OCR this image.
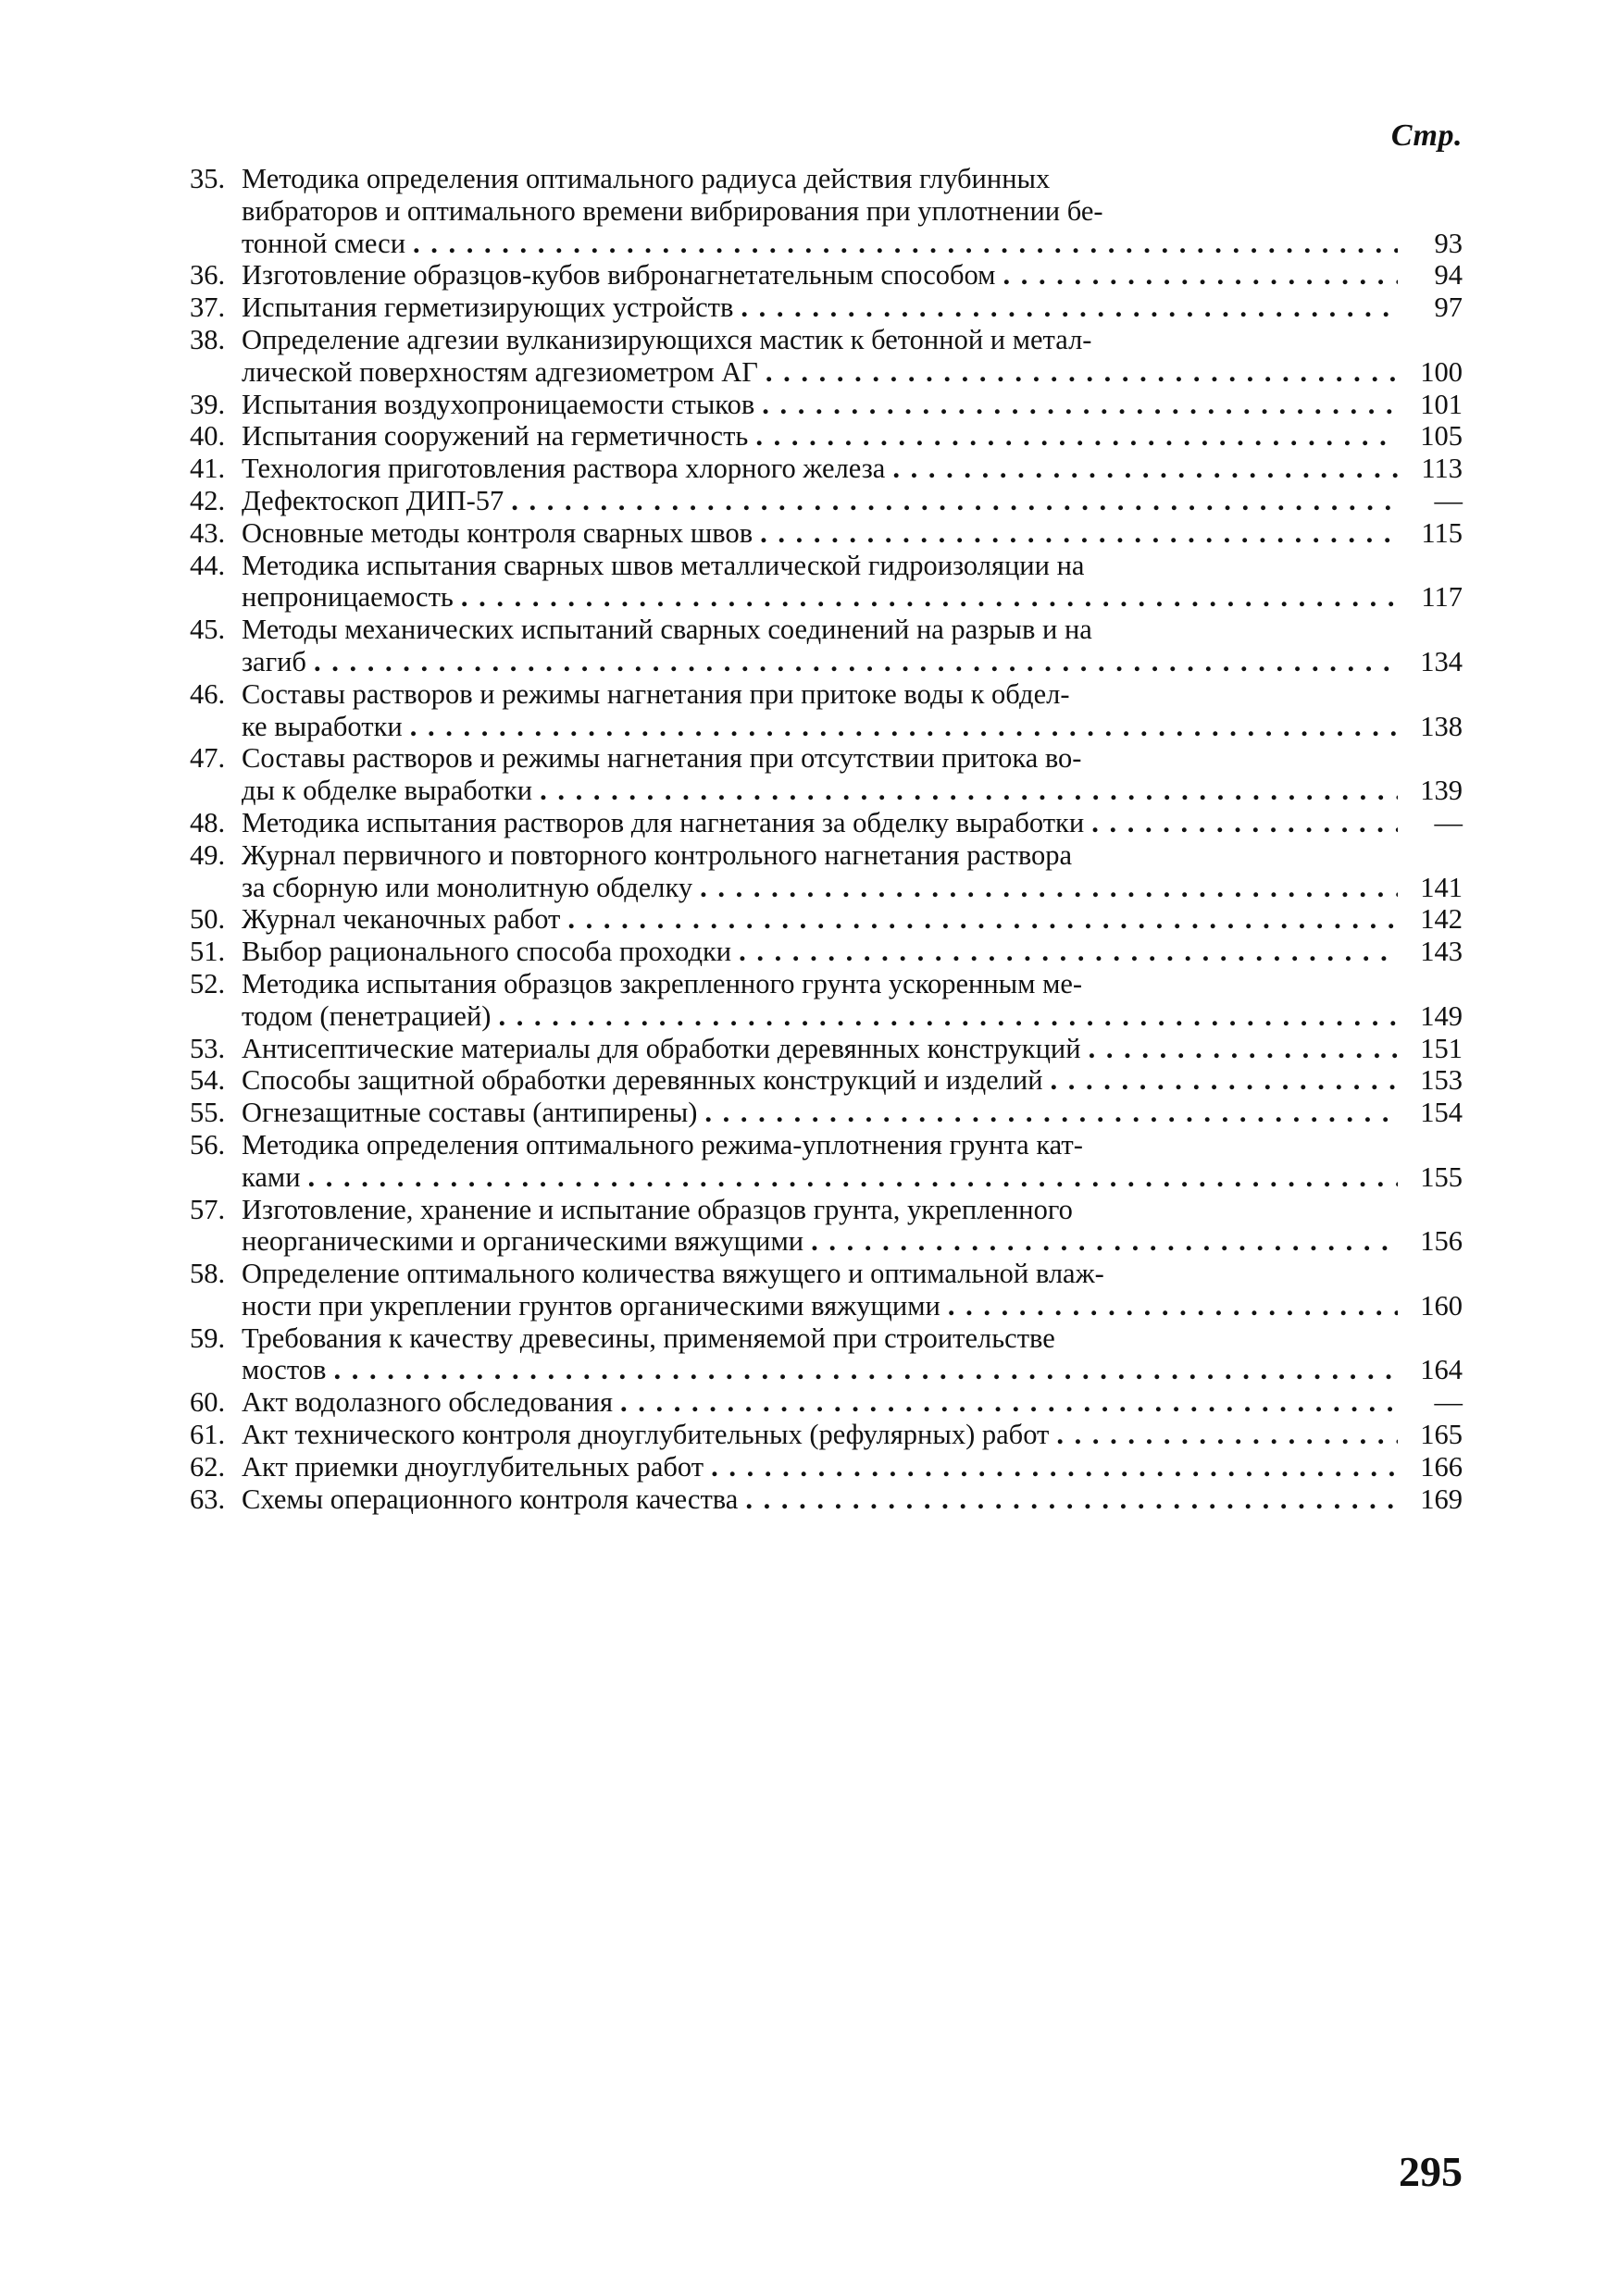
Стр.
35. Методика определения оптимального радиуса действия глубинных
вибраторов и оптимального времени вибрирования при уплотнении бе-
тонной смеси . . .	93
36. Изготовление образцов-кубов вибронагнетательным способом . . .	94
37. Испытания герметизирующих устройств . . .	97
38. Определение адгезии вулканизирующихся мастик к бетонной и метал-
лической поверхностям адгезиометром АГ . . .	100
39. Испытания воздухопроницаемости стыков . . .	101
40. Испытания сооружений на герметичность . . .	105
41. Технология приготовления раствора хлорного железа . . .	113
42. Дефектоскоп ДИП-57 . . .	—
43. Основные методы контроля сварных швов . . .	115
44. Методика испытания сварных швов металлической гидроизоляции на
непроницаемость . . .	117
45. Методы механических испытаний сварных соединений на разрыв и на
загиб . . .	134
46. Составы растворов и режимы нагнетания при притоке воды к обдел-
ке выработки . . .	138
47. Составы растворов и режимы нагнетания при отсутствии притока во-
ды к обделке выработки . . .	139
48. Методика испытания растворов для нагнетания за обделку выработки . . .	—
49. Журнал первичного и повторного контрольного нагнетания раствора
за сборную или монолитную обделку . . .	141
50. Журнал чеканочных работ . . .	142
51. Выбор рационального способа проходки . . .	143
52. Методика испытания образцов закрепленного грунта ускоренным ме-
тодом (пенетрацией) . . .	149
53. Антисептические материалы для обработки деревянных конструкций . . .	151
54. Способы защитной обработки деревянных конструкций и изделий . . .	153
55. Огнезащитные составы (антипирены) . . .	154
56. Методика определения оптимального режима-уплотнения грунта кат-
ками . . .	155
57. Изготовление, хранение и испытание образцов грунта, укрепленного
неорганическими и органическими вяжущими . . .	156
58. Определение оптимального количества вяжущего и оптимальной влаж-
ности при укреплении грунтов органическими вяжущими . . .	160
59. Требования к качеству древесины, применяемой при строительстве
мостов . . .	164
60. Акт водолазного обследования . . .	—
61. Акт технического контроля дноуглубительных (рефулярных) работ . . .	165
62. Акт приемки дноуглубительных работ . . .	166
63. Схемы операционного контроля качества . . .	169
295
